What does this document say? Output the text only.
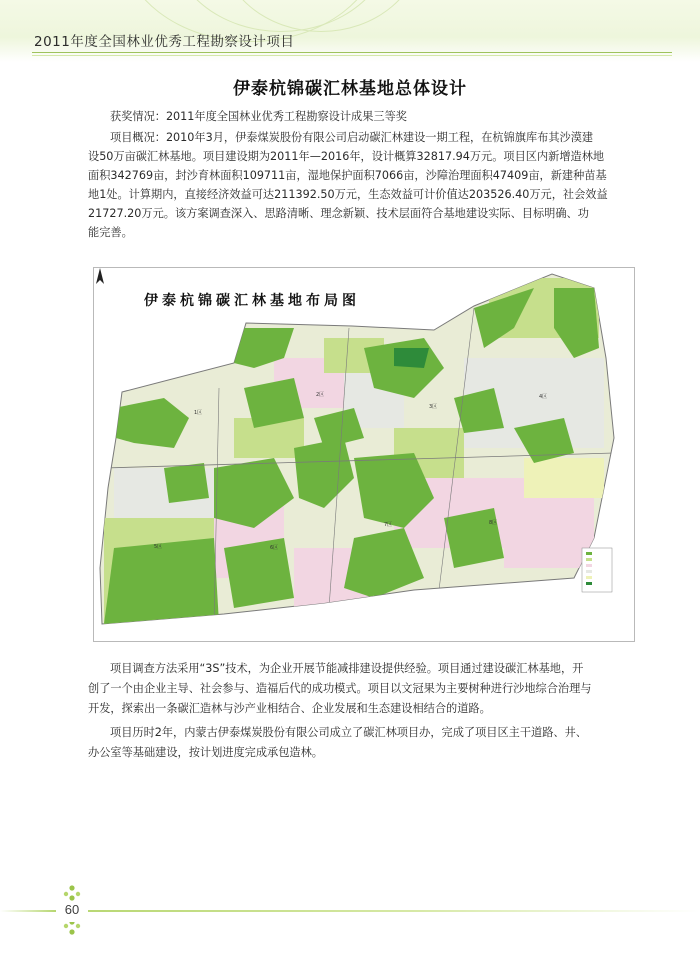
2011年度全国林业优秀工程勘察设计项目
伊泰杭锦碳汇林基地总体设计
获奖情况：2011年度全国林业优秀工程勘察设计成果三等奖
项目概况：2010年3月，伊泰煤炭股份有限公司启动碳汇林建设一期工程，在杭锦旗库布其沙漠建
设50万亩碳汇林基地。项目建设期为2011年—2016年，设计概算32817.94万元。项目区内新增造林地
面积342769亩，封沙育林面积109711亩，湿地保护面积7066亩，沙障治理面积47409亩，新建种苗基
地1处。计算期内，直接经济效益可达211392.50万元，生态效益可计价值达203526.40万元，社会效益
21727.20万元。该方案调查深入、思路清晰、理念新颖、技术层面符合基地建设实际、目标明确、功
能完善。
1区
2区
3区
4区
5区	6区
7区	8区
伊泰杭锦碳汇林基地布局图
项目调查方法采用“3S”技术，为企业开展节能减排建设提供经验。项目通过建设碳汇林基地，开
创了一个由企业主导、社会参与、造福后代的成功模式。项目以文冠果为主要树种进行沙地综合治理与
开发，探索出一条碳汇造林与沙产业相结合、企业发展和生态建设相结合的道路。
项目历时2年，内蒙古伊泰煤炭股份有限公司成立了碳汇林项目办，完成了项目区主干道路、井、
办公室等基础建设，按计划进度完成承包造林。
60
